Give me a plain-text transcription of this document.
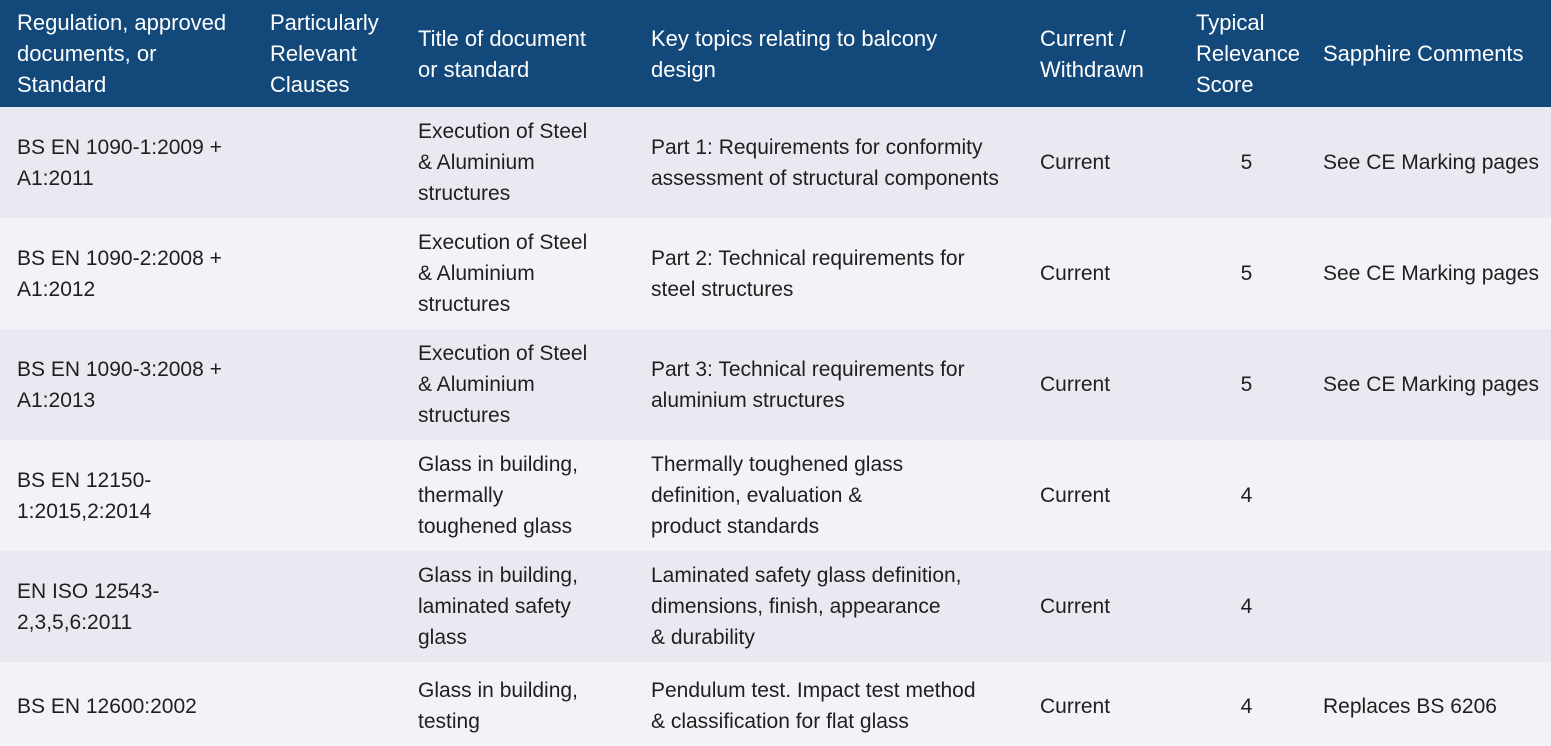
Regulation, approved
documents, or
Standard	Particularly
Relevant
Clauses	Title of document
or standard	Key topics relating to balcony
design	Current /
Withdrawn	Typical
Relevance
Score	Sapphire Comments
BS EN 1090-1:2009 +
A1:2011		Execution of Steel
& Aluminium
structures	Part 1: Requirements for conformity
assessment of structural components	Current	5	See CE Marking pages
BS EN 1090-2:2008 +
A1:2012		Execution of Steel
& Aluminium
structures	Part 2: Technical requirements for
steel structures	Current	5	See CE Marking pages
BS EN 1090-3:2008 +
A1:2013		Execution of Steel
& Aluminium
structures	Part 3: Technical requirements for
aluminium structures	Current	5	See CE Marking pages
BS EN 12150-
1:2015,2:2014		Glass in building,
thermally
toughened glass	Thermally toughened glass
definition, evaluation &
product standards	Current	4	
EN ISO 12543-
2,3,5,6:2011		Glass in building,
laminated safety
glass	Laminated safety glass definition,
dimensions, finish, appearance
& durability	Current	4	
BS EN 12600:2002		Glass in building,
testing	Pendulum test. Impact test method
& classification for flat glass	Current	4	Replaces BS 6206
